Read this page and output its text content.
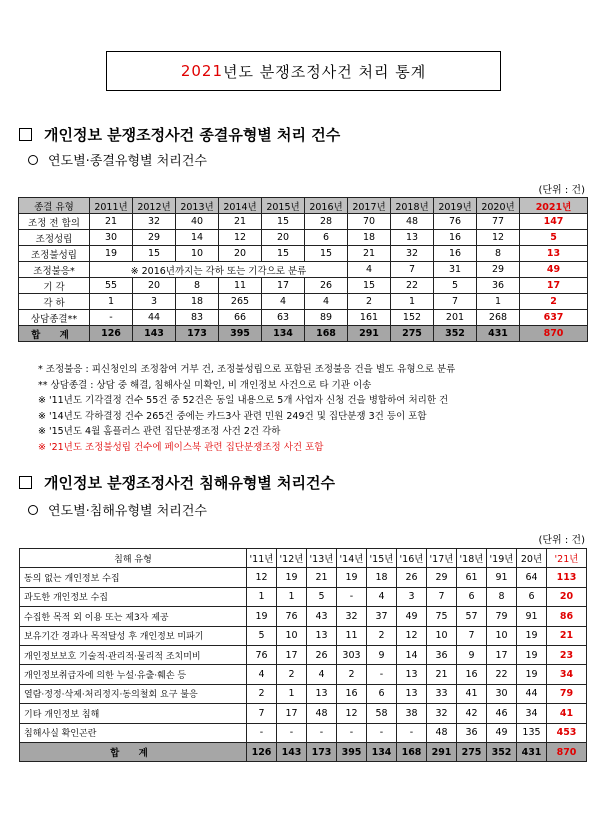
2021 년도 분쟁조정사건 처리 통계
개인정보 분쟁조정사건 종결유형별 처리 건수
연도별·종결유형별 처리건수
(단위 : 건)
종결 유형	2011년	2012년	2013년	2014년	2015년	2016년	2017년	2018년	2019년	2020년	2021년
조정 전 합의	21	32	40	21	15	28	70	48	76	77	147
조정성립	30	29	14	12	20	6	18	13	16	12	5
조정불성립	19	15	10	20	15	15	21	32	16	8	13
조정불응*	※ 2016년까지는 각하 또는 기각으로 분류						4	7	31	29	49
기 각	55	20	8	11	17	26	15	22	5	36	17
각 하	1	3	18	265	4	4	2	1	7	1	2
상담종결**	-	44	83	66	63	89	161	152	201	268	637
합 계	126	143	173	395	134	168	291	275	352	431	870
* 조정불응 : 피신청인의 조정참여 거부 건, 조정불성립으로 포함된 조정불응 건을 별도 유형으로 분류
** 상담종결 : 상담 중 해결, 침해사실 미확인, 비 개인정보 사건으로 타 기관 이송
※ '11년도 기각결정 건수 55건 중 52건은 동일 내용으로 5개 사업자 신청 건을 병합하여 처리한 건
※ '14년도 각하결정 건수 265건 중에는 카드3사 관련 민원 249건 및 집단분쟁 3건 등이 포함
※ '15년도 4월 홈플러스 관련 집단분쟁조정 사건 2건 각하
※ '21년도 조정불성립 건수에 페이스북 관련 집단분쟁조정 사건 포함
개인정보 분쟁조정사건 침해유형별 처리건수
연도별·침해유형별 처리건수
(단위 : 건)
침해 유형	'11년	'12년	'13년	'14년	'15년	'16년	'17년	'18년	'19년	20년	'21년
동의 없는 개인정보 수집	12	19	21	19	18	26	29	61	91	64	113
과도한 개인정보 수집	1	1	5	-	4	3	7	6	8	6	20
수집한 목적 외 이용 또는 제3자 제공	19	76	43	32	37	49	75	57	79	91	86
보유기간 경과나 목적달성 후 개인정보 미파기	5	10	13	11	2	12	10	7	10	19	21
개인정보보호 기술적·관리적·물리적 조치미비	76	17	26	303	9	14	36	9	17	19	23
개인정보취급자에 의한 누설·유출·훼손 등	4	2	4	2	-	13	21	16	22	19	34
열람·정정·삭제·처리정지·동의철회 요구 불응	2	1	13	16	6	13	33	41	30	44	79
기타 개인정보 침해	7	17	48	12	58	38	32	42	46	34	41
침해사실 확인곤란	-	-	-	-	-	-	48	36	49	135	453
합 계	126	143	173	395	134	168	291	275	352	431	870
